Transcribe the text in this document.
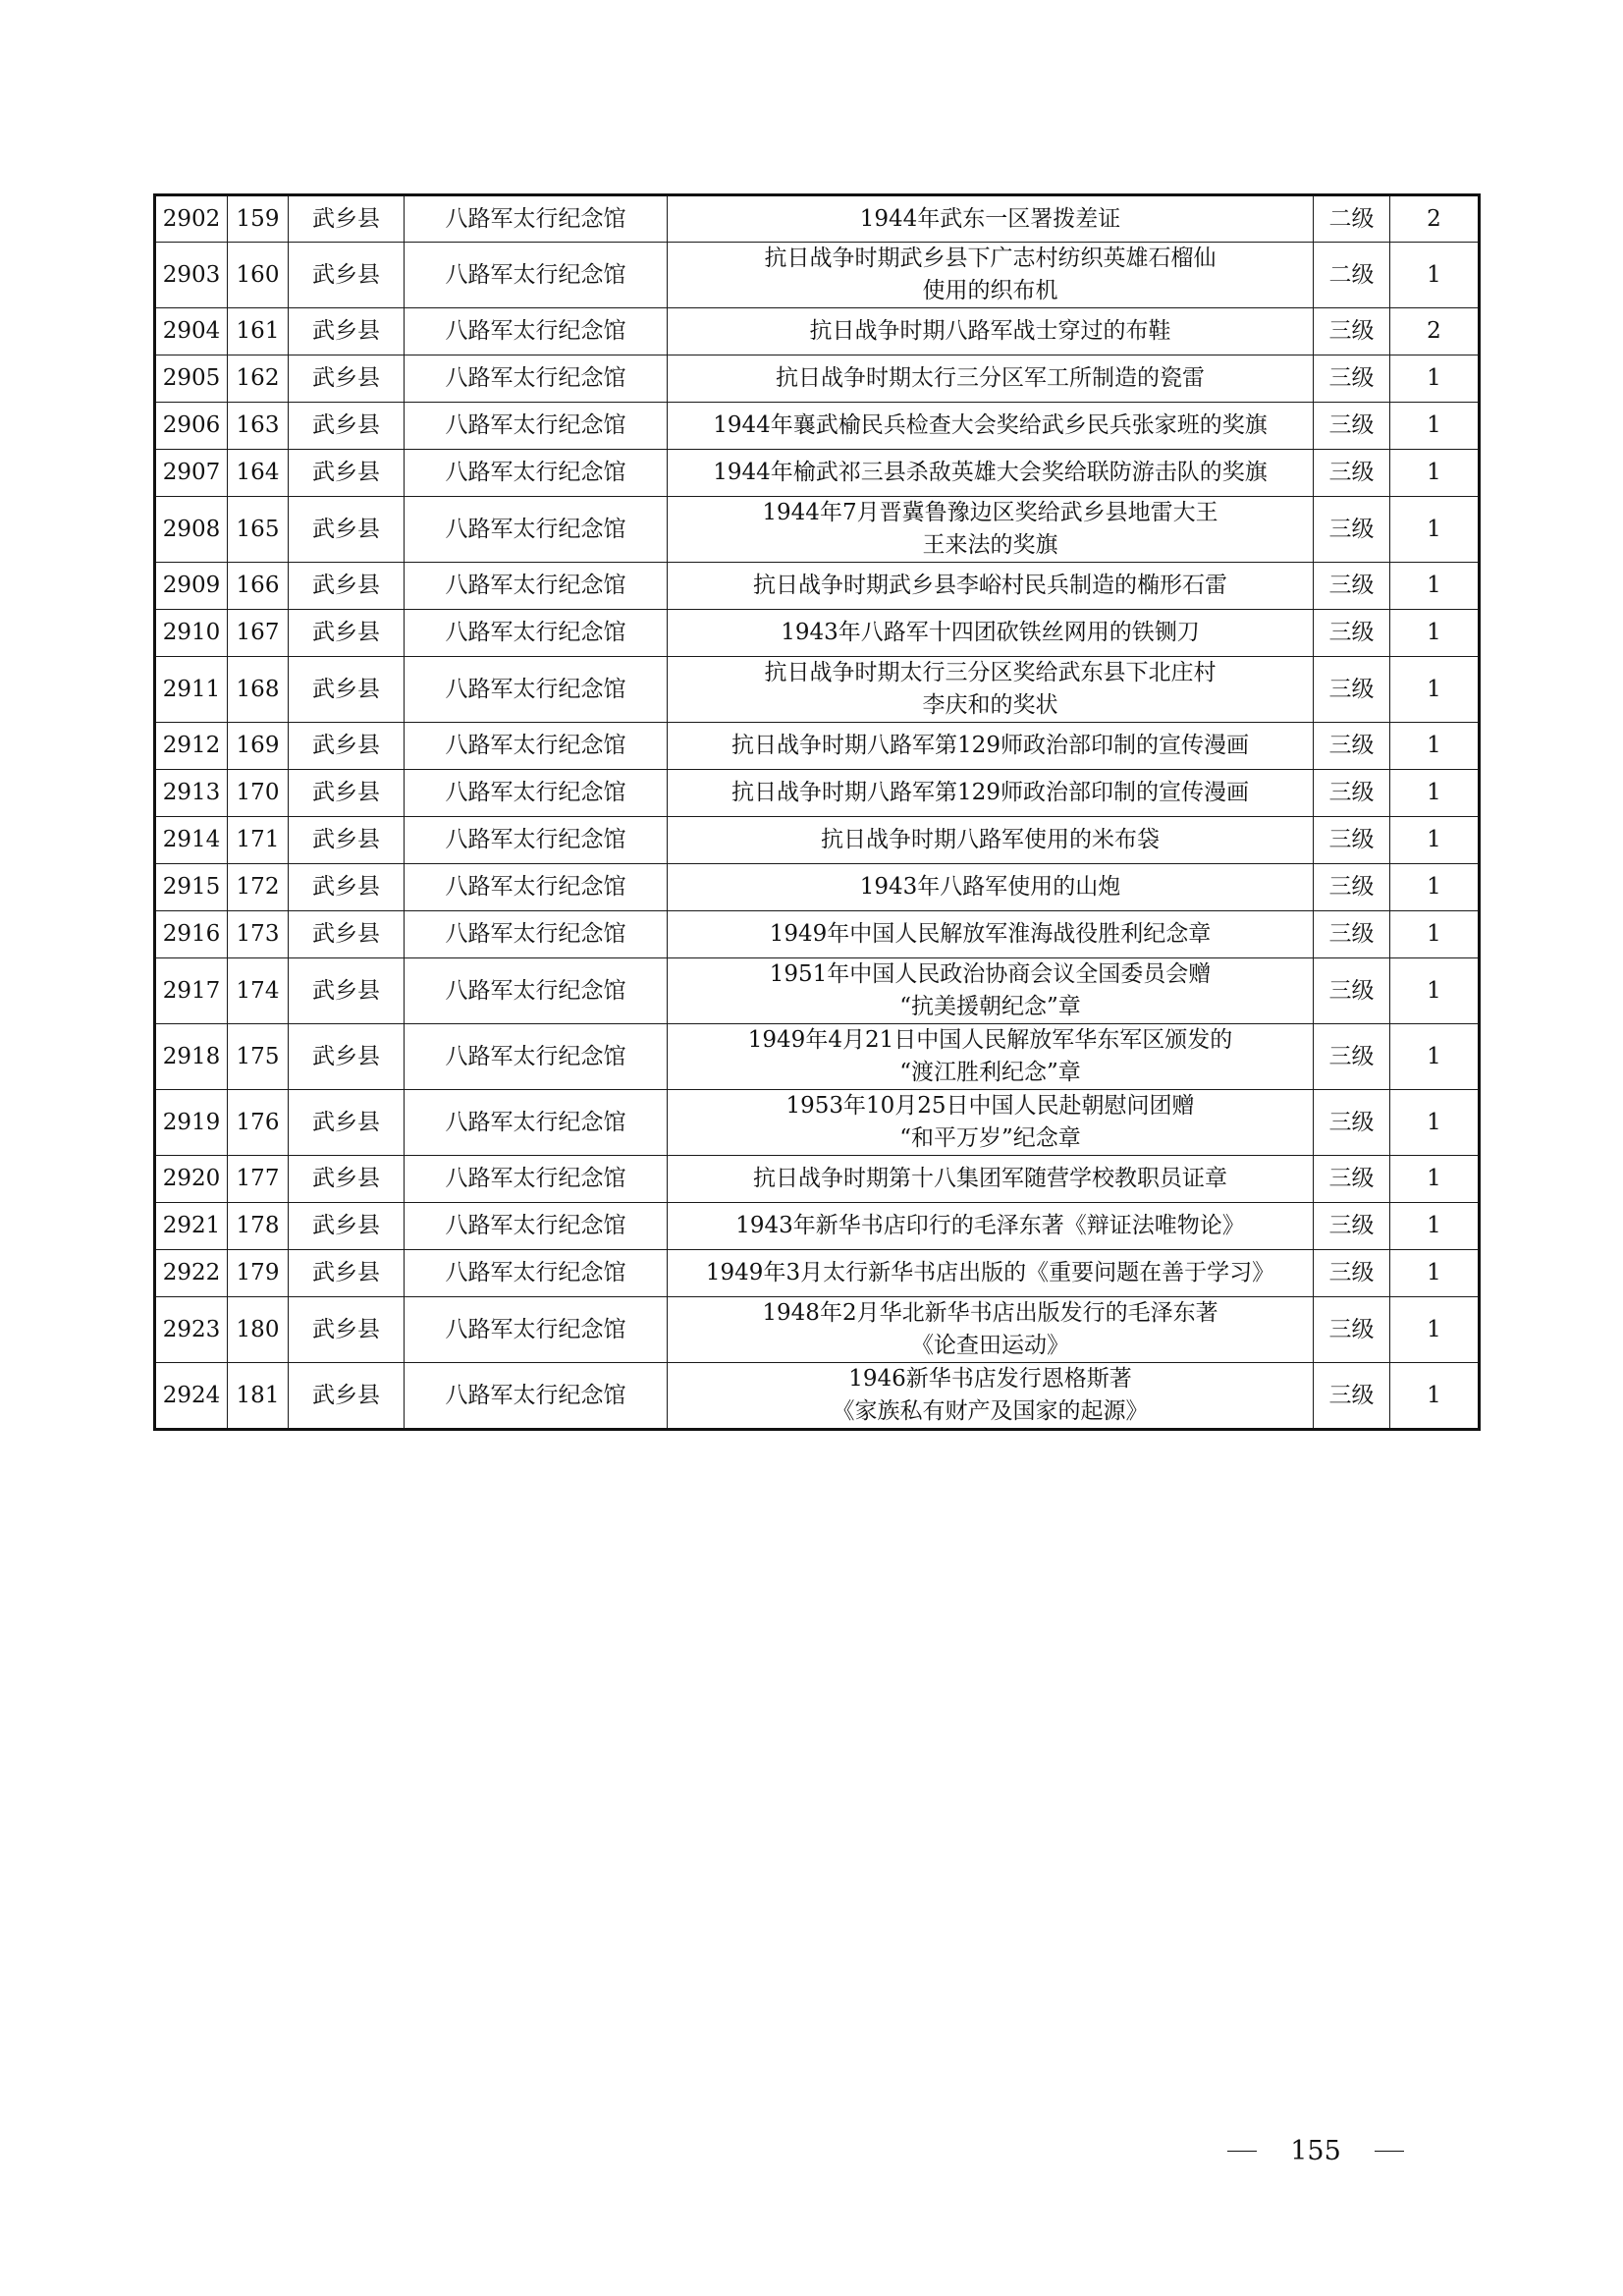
2902	159	武乡县	八路军太行纪念馆	1944年武东一区署拨差证	二级	2
2903	160	武乡县	八路军太行纪念馆	抗日战争时期武乡县下广志村纺织英雄石榴仙
使用的织布机	二级	1
2904	161	武乡县	八路军太行纪念馆	抗日战争时期八路军战士穿过的布鞋	三级	2
2905	162	武乡县	八路军太行纪念馆	抗日战争时期太行三分区军工所制造的瓷雷	三级	1
2906	163	武乡县	八路军太行纪念馆	1944年襄武榆民兵检查大会奖给武乡民兵张家班的奖旗	三级	1
2907	164	武乡县	八路军太行纪念馆	1944年榆武祁三县杀敌英雄大会奖给联防游击队的奖旗	三级	1
2908	165	武乡县	八路军太行纪念馆	1944年7月晋冀鲁豫边区奖给武乡县地雷大王
王来法的奖旗	三级	1
2909	166	武乡县	八路军太行纪念馆	抗日战争时期武乡县李峪村民兵制造的椭形石雷	三级	1
2910	167	武乡县	八路军太行纪念馆	1943年八路军十四团砍铁丝网用的铁铡刀	三级	1
2911	168	武乡县	八路军太行纪念馆	抗日战争时期太行三分区奖给武东县下北庄村
李庆和的奖状	三级	1
2912	169	武乡县	八路军太行纪念馆	抗日战争时期八路军第129师政治部印制的宣传漫画	三级	1
2913	170	武乡县	八路军太行纪念馆	抗日战争时期八路军第129师政治部印制的宣传漫画	三级	1
2914	171	武乡县	八路军太行纪念馆	抗日战争时期八路军使用的米布袋	三级	1
2915	172	武乡县	八路军太行纪念馆	1943年八路军使用的山炮	三级	1
2916	173	武乡县	八路军太行纪念馆	1949年中国人民解放军淮海战役胜利纪念章	三级	1
2917	174	武乡县	八路军太行纪念馆	1951年中国人民政治协商会议全国委员会赠
“抗美援朝纪念”章	三级	1
2918	175	武乡县	八路军太行纪念馆	1949年4月21日中国人民解放军华东军区颁发的
“渡江胜利纪念”章	三级	1
2919	176	武乡县	八路军太行纪念馆	1953年10月25日中国人民赴朝慰问团赠
“和平万岁”纪念章	三级	1
2920	177	武乡县	八路军太行纪念馆	抗日战争时期第十八集团军随营学校教职员证章	三级	1
2921	178	武乡县	八路军太行纪念馆	1943年新华书店印行的毛泽东著《辩证法唯物论》	三级	1
2922	179	武乡县	八路军太行纪念馆	1949年3月太行新华书店出版的《重要问题在善于学习》	三级	1
2923	180	武乡县	八路军太行纪念馆	1948年2月华北新华书店出版发行的毛泽东著
《论查田运动》	三级	1
2924	181	武乡县	八路军太行纪念馆	1946新华书店发行恩格斯著
《家族私有财产及国家的起源》	三级	1
155
